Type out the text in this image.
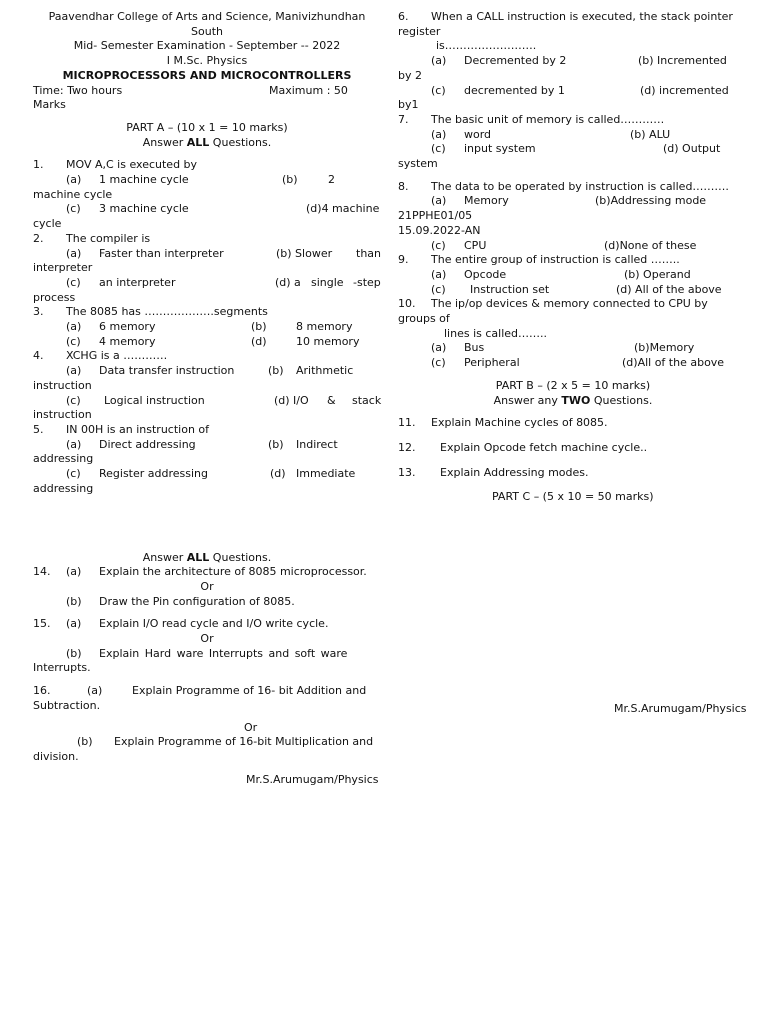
Paavendhar College of Arts and Science, Manivizhundhan

South

Mid- Semester Examination - September -- 2022

I M.Sc. Physics

MICROPROCESSORS AND MICROCONTROLLERS

Time: Two hours	Maximum : 50

Marks

PART A – (10 x 1 = 10 marks)

Answer ALL Questions.

1. MOV A,C is executed by
(a) 1 machine cycle	(b)	2

machine cycle

(c) 3 machine cycle	(d)4 machine

cycle

2. The compiler is
(a) Faster than interpreter	(b) Slower than

interpreter

(c) an interpreter	(d) a single -step

process

3. The 8085 has ……………….segments
(a) 6 memory	(b)	8 memory

(c) 4 memory	(d)	10 memory

4. XCHG is a …………
(a) Data transfer instruction	(b) Arithmetic

instruction

(c) Logical instruction	(d) I/O & stack

instruction

5. IN 00H is an instruction of
(a) Direct addressing	(b) Indirect

addressing

(c) Register addressing	(d) Immediate

addressing

Answer ALL Questions.

14. (a) Explain the architecture of 8085 microprocessor.

Or

(b) Draw the Pin configuration of 8085.

15. (a) Explain I/O read cycle and I/O write cycle.

Or

(b) Explain Hard ware Interrupts and soft ware

Interrupts.

16.	(a)	Explain Programme of 16- bit Addition and

Subtraction.

Or

(b) Explain Programme of 16-bit Multiplication and

division.

Mr.S.Arumugam/Physics

6. When a CALL instruction is executed, the stack pointer

register

is…………………….

(a) Decremented by 2	(b) Incremented

by 2

(c) decremented by 1	(d) incremented

by1

7. The basic unit of memory is called…………
(a) word	(b) ALU

(c) input system	(d) Output

system

8. The data to be operated by instruction is called……….
(a) Memory	(b)Addressing mode

21PPHE01/05

15.09.2022-AN

(c) CPU	(d)None of these

9. The entire group of instruction is called ……..
(a) Opcode	(b) Operand

(c) Instruction set	(d) All of the above

10. The ip/op devices & memory connected to CPU by

groups of

lines is called……..

(a) Bus	(b)Memory

(c) Peripheral	(d)All of the above

PART B – (2 x 5 = 10 marks)

Answer any TWO Questions.

11. Explain Machine cycles of 8085.
12. Explain Opcode fetch machine cycle..
13. Explain Addressing modes.

PART C – (5 x 10 = 50 marks)

Mr.S.Arumugam/Physics
